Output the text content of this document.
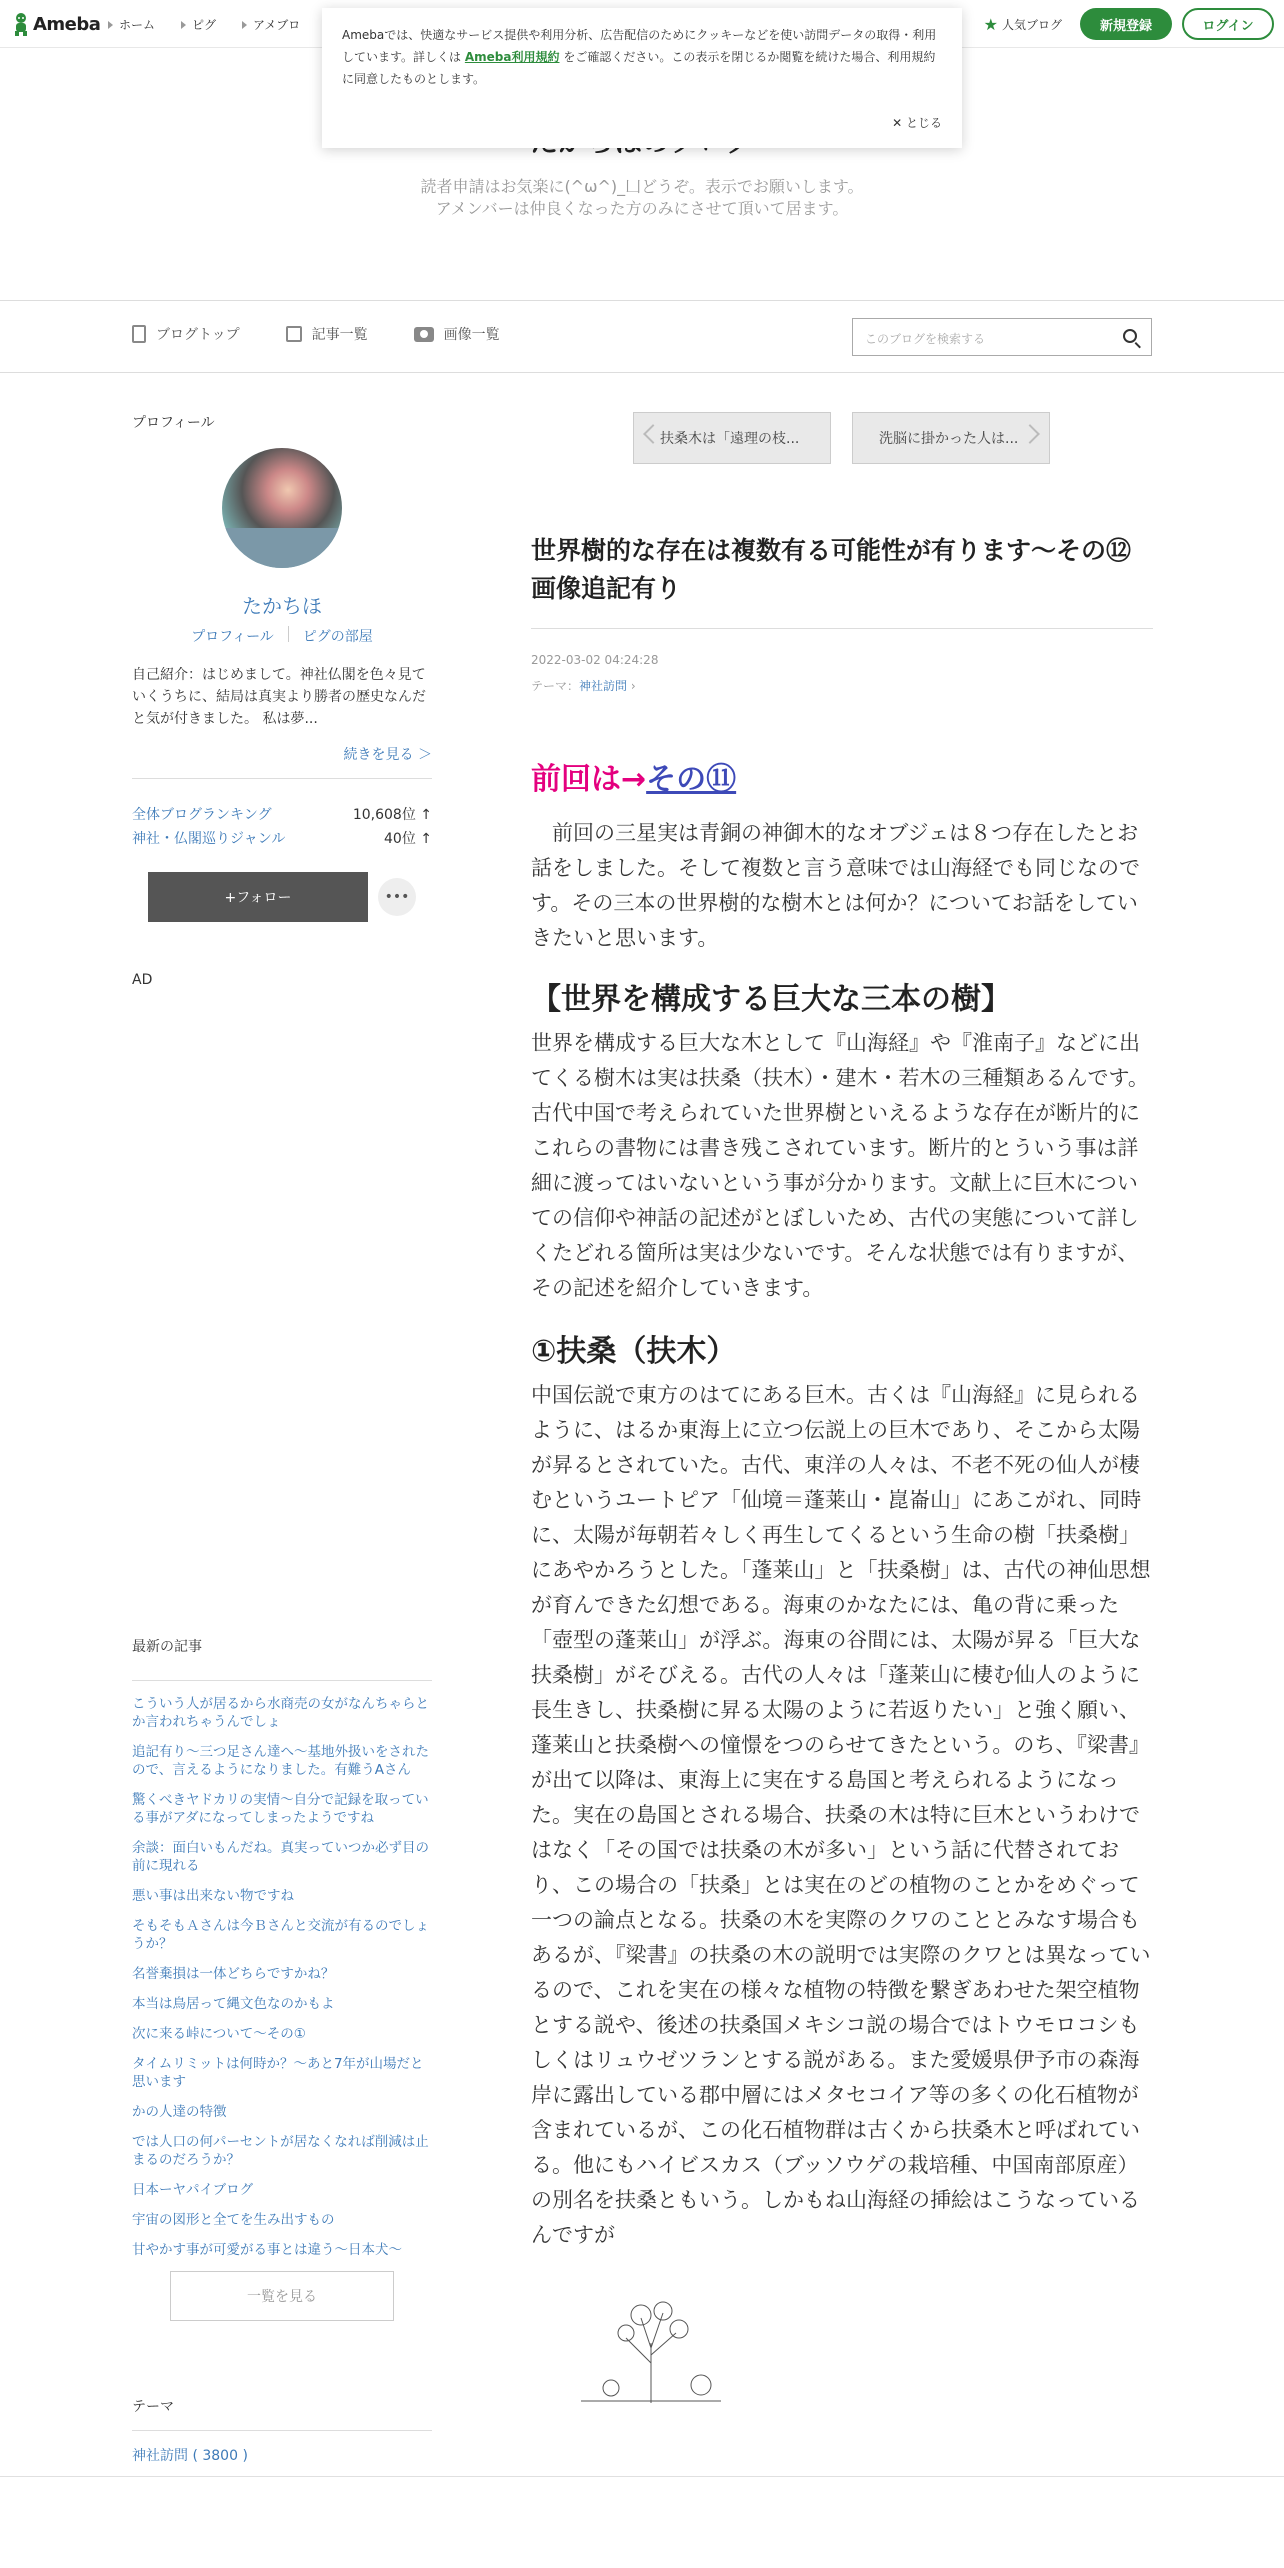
Ameba ホーム	ピグ	アメブロ	★ 人気ブログ	新規登録	ログイン
Amebaでは、快適なサービス提供や利用分析、広告配信のためにクッキーなどを使い訪問データの取得・利用しています。詳しくは Ameba利用規約 をご確認ください。この表示を閉じるか閲覧を続けた場合、利用規約に同意したものとします。
✕ とじる
読者申請はお気楽に(^ω^)_凵どうぞ。表示でお願いします。
アメンバーは仲良くなった方のみにさせて頂いて居ます。
ブログトップ	記事一覧	画像一覧	このブログを検索する
プロフィール
たかちほ
プロフィール ピグの部屋
自己紹介：はじめまして。神社仏閣を色々見ていくうちに、結局は真実より勝者の歴史なんだと気が付きました。 私は夢...
続きを見る ＞
全体ブログランキング	10,608位 ↑
神社・仏閣巡りジャンル	40位 ↑
+フォロー	•••
AD
最新の記事
こういう人が居るから水商売の女がなんちゃらとか言われちゃうんでしょ
追記有り～三つ足さん達へ～基地外扱いをされたので、言えるようになりました。有難うAさん
驚くべきヤドカリの実情～自分で記録を取っている事がアダになってしまったようですね
余談：面白いもんだね。真実っていつか必ず目の前に現れる
悪い事は出来ない物ですね
そもそもＡさんは今Ｂさんと交流が有るのでしょうか？
名誉棄損は一体どちらですかね？
本当は鳥居って縄文色なのかもよ
次に来る峠について～その①
タイムリミットは何時か？～あと7年が山場だと思います
かの人達の特徴
では人口の何パーセントが居なくなれば削減は止まるのだろうか？
日本ーヤパイブログ
宇宙の図形と全てを生み出すもの
甘やかす事が可愛がる事とは違う～日本犬～
一覧を見る
テーマ
神社訪問 ( 3800 )
扶桑木は「遠理の枝...	洗脳に掛かった人は...
世界樹的な存在は複数有る可能性が有ります～その⑫画像追記有り
2022-03-02 04:24:28
テーマ：神社訪問 ›
前回は→その⑪

　前回の三星実は青銅の神御木的なオブジェは８つ存在したとお話をしました。そして複数と言う意味では山海経でも同じなのです。その三本の世界樹的な樹木とは何か？についてお話をしていきたいと思います。

【世界を構成する巨大な三本の樹】

世界を構成する巨大な木として『山海経』や『淮南子』などに出てくる樹木は実は扶桑（扶木）・建木・若木の三種類あるんです。古代中国で考えられていた世界樹といえるような存在が断片的にこれらの書物には書き残こされています。断片的とういう事は詳細に渡ってはいないという事が分かります。文献上に巨木についての信仰や神話の記述がとぼしいため、古代の実態について詳しくたどれる箇所は実は少ないです。そんな状態では有りますが、その記述を紹介していきます。

①扶桑（扶木）

中国伝説で東方のはてにある巨木。古くは『山海経』に見られるように、はるか東海上に立つ伝説上の巨木であり、そこから太陽が昇るとされていた。古代、東洋の人々は、不老不死の仙人が棲むというユートピア「仙境＝蓬莱山・崑崙山」にあこがれ、同時に、太陽が毎朝若々しく再生してくるという生命の樹「扶桑樹」にあやかろうとした。「蓬莱山」と「扶桑樹」は、古代の神仙思想が育んできた幻想である。海東のかなたには、亀の背に乗った「壺型の蓬莱山」が浮ぶ。海東の谷間には、太陽が昇る「巨大な扶桑樹」がそびえる。古代の人々は「蓬莱山に棲む仙人のように長生きし、扶桑樹に昇る太陽のように若返りたい」と強く願い、蓬莱山と扶桑樹への憧憬をつのらせてきたという。のち、『梁書』が出て以降は、東海上に実在する島国と考えられるようになった。実在の島国とされる場合、扶桑の木は特に巨木というわけではなく「その国では扶桑の木が多い」という話に代替されており、この場合の「扶桑」とは実在のどの植物のことかをめぐって一つの論点となる。扶桑の木を実際のクワのこととみなす場合もあるが、『梁書』の扶桑の木の説明では実際のクワとは異なっているので、これを実在の様々な植物の特徴を繋ぎあわせた架空植物とする説や、後述の扶桑国メキシコ説の場合ではトウモロコシもしくはリュウゼツランとする説がある。また愛媛県伊予市の森海岸に露出している郡中層にはメタセコイア等の多くの化石植物が含まれているが、この化石植物群は古くから扶桑木と呼ばれている。他にもハイビスカス（ブッソウゲの栽培種、中国南部原産）の別名を扶桑ともいう。しかもね山海経の挿絵はこうなっているんですが
